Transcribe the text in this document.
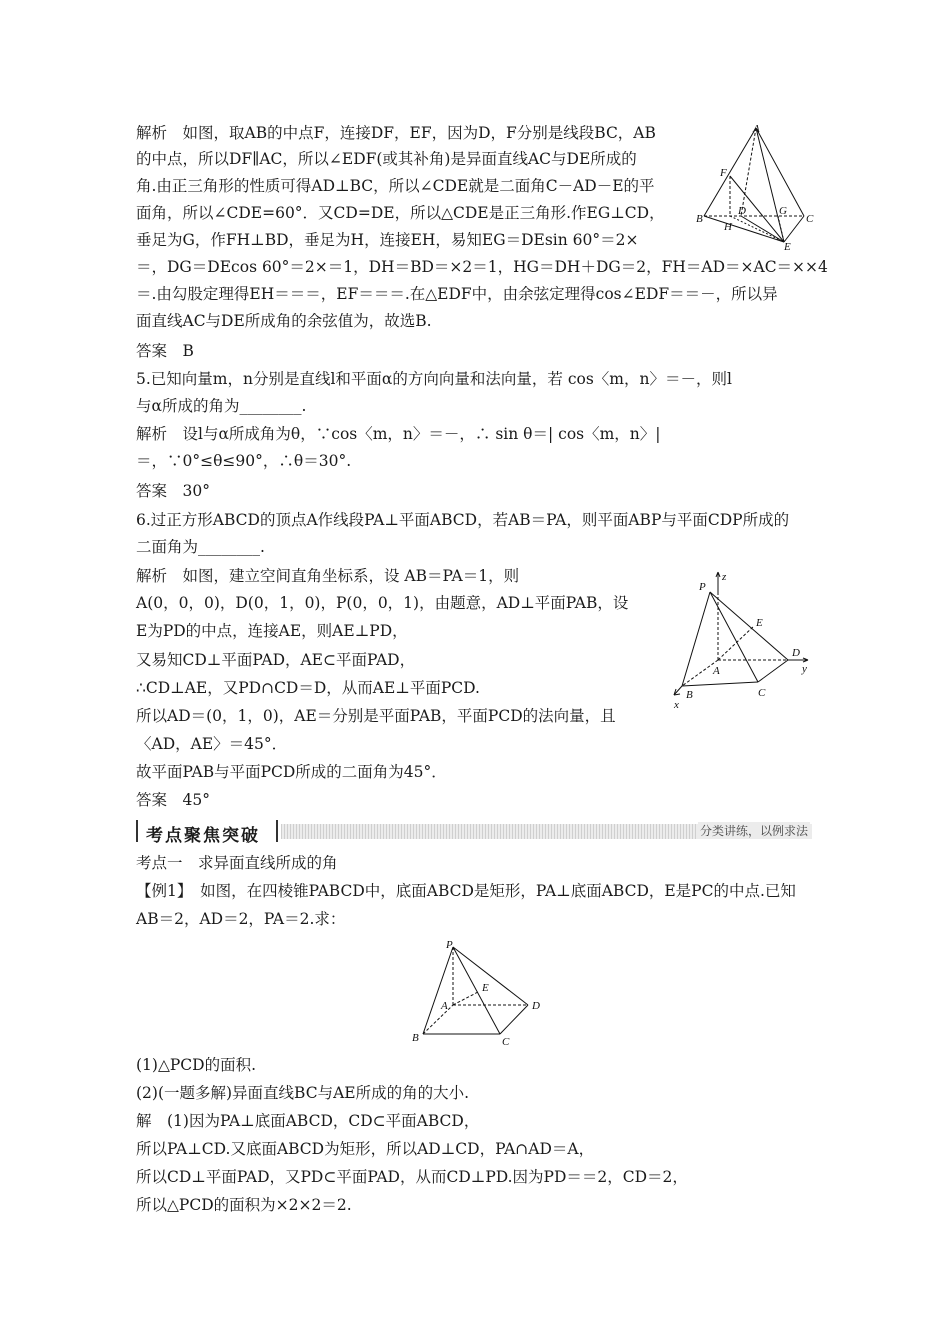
解析　如图，取AB的中点F，连接DF，EF，因为D，F分别是线段BC，AB
的中点，所以DF∥AC，所以∠EDF(或其补角)是异面直线AC与DE所成的
角.由正三角形的性质可得AD⊥BC，所以∠CDE就是二面角C－AD－E的平
面角，所以∠CDE=60°．又CD=DE，所以△CDE是正三角形.作EG⊥CD，
垂足为G，作FH⊥BD，垂足为H，连接EH，易知EG＝DEsin 60°＝2×
＝，DG＝DEcos 60°＝2×＝1，DH＝BD＝×2＝1，HG＝DH＋DG＝2，FH＝AD＝×AC＝××4
＝.由勾股定理得EH＝＝＝，EF＝＝＝.在△EDF中，由余弦定理得cos∠EDF＝＝－，所以异
面直线AC与DE所成角的余弦值为，故选B.
答案　B
5.已知向量m，n分别是直线l和平面α的方向向量和法向量，若 cos〈m，n〉＝－，则l
与α所成的角为________.
解析　设l与α所成角为θ，∵cos〈m，n〉＝－，∴ sin θ＝| cos〈m，n〉|
＝，∵0°≤θ≤90°，∴θ＝30°.
答案　30°
6.过正方形ABCD的顶点A作线段PA⊥平面ABCD，若AB＝PA，则平面ABP与平面CDP所成的
二面角为________.
解析　如图，建立空间直角坐标系，设 AB＝PA＝1，则
A(0，0，0)，D(0，1，0)，P(0，0，1)，由题意，AD⊥平面PAB，设
E为PD的中点，连接AE，则AE⊥PD，
又易知CD⊥平面PAD，AE⊂平面PAD，
∴CD⊥AE，又PD∩CD＝D，从而AE⊥平面PCD.
所以AD＝(0，1，0)，AE＝分别是平面PAB，平面PCD的法向量，且
〈AD，AE〉＝45°．
故平面PAB与平面PCD所成的二面角为45°．
答案　45°
考点一　求异面直线所成的角
【例1】　如图，在四棱锥PABCD中，底面ABCD是矩形，PA⊥底面ABCD，E是PC的中点.已知
AB＝2，AD＝2，PA＝2.求：
(1)△PCD的面积.
(2)(一题多解)异面直线BC与AE所成的角的大小.
解　(1)因为PA⊥底面ABCD，CD⊂平面ABCD，
所以PA⊥CD.又底面ABCD为矩形，所以AD⊥CD，PA∩AD＝A，
所以CD⊥平面PAD，又PD⊂平面PAD，从而CD⊥PD.因为PD＝＝2，CD＝2，
所以△PCD的面积为×2×2＝2.
A
B	C
D
E
F
G
H
P
z
E
D
y
A
B	C
x
P
A
E
D
B	C
考点聚焦突破	分类讲练，以例求法
